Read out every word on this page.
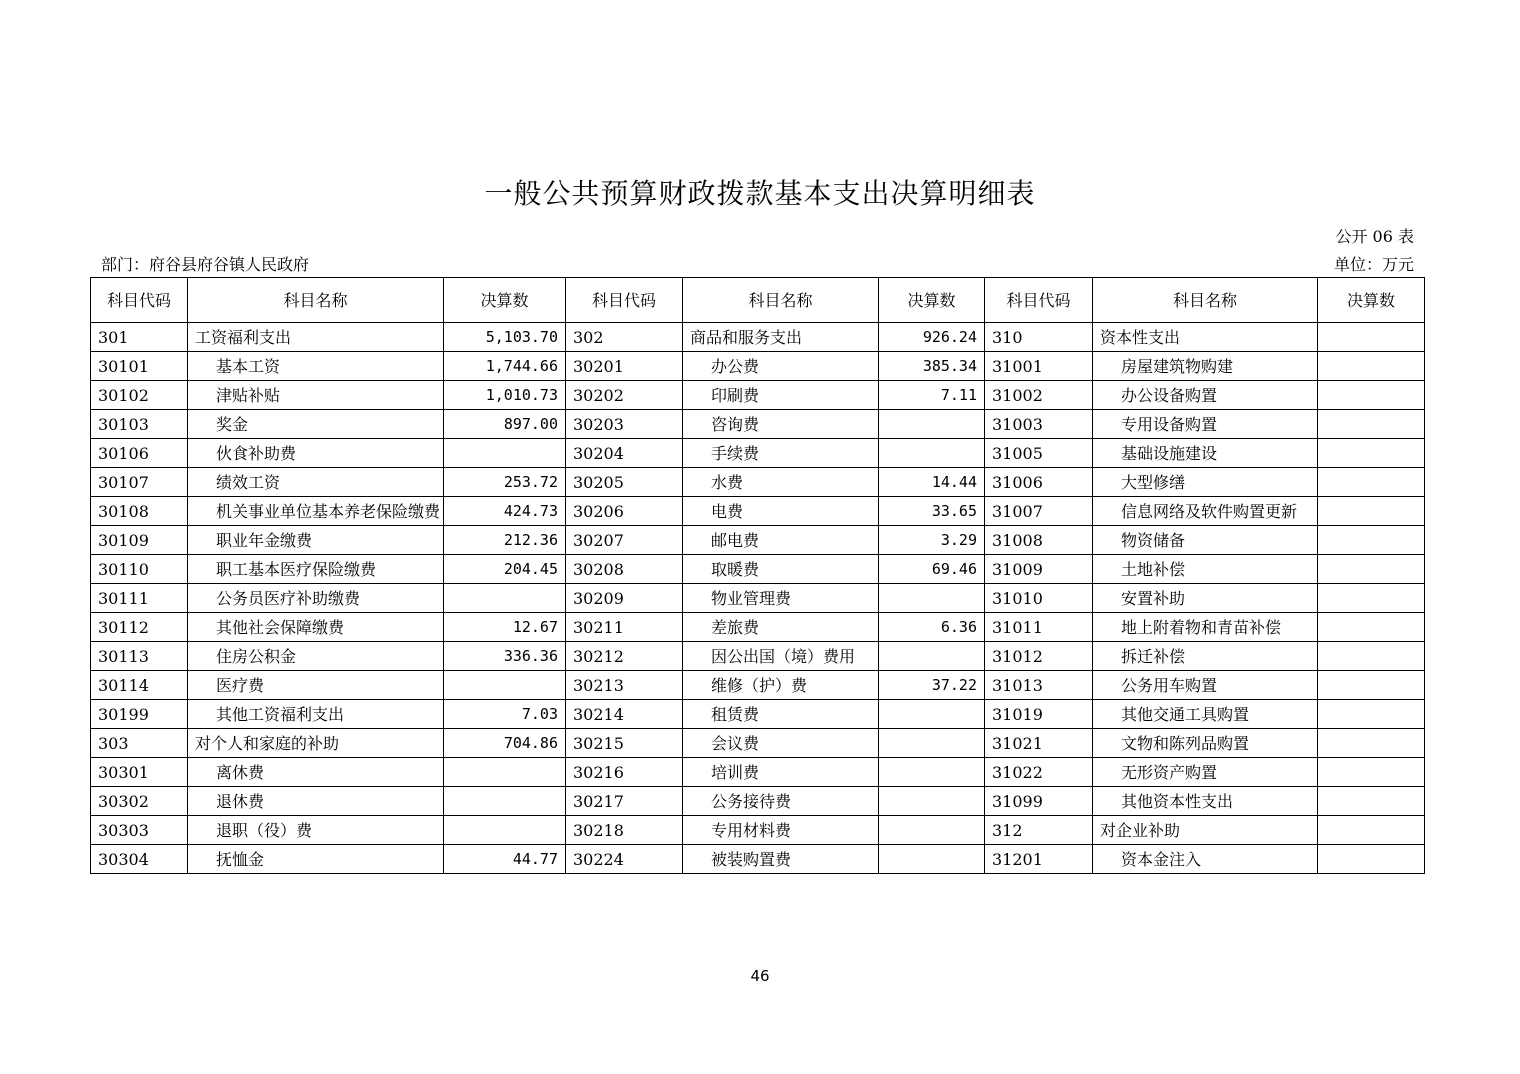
一般公共预算财政拨款基本支出决算明细表
公开 06 表
部门：府谷县府谷镇人民政府	单位：万元
科目代码	科目名称	决算数	科目代码	科目名称	决算数	科目代码	科目名称	决算数
301	工资福利支出	5,103.70	302	商品和服务支出	926.24	310	资本性支出	
30101	基本工资	1,744.66	30201	办公费	385.34	31001	房屋建筑物购建	
30102	津贴补贴	1,010.73	30202	印刷费	7.11	31002	办公设备购置	
30103	奖金	897.00	30203	咨询费		31003	专用设备购置	
30106	伙食补助费		30204	手续费		31005	基础设施建设	
30107	绩效工资	253.72	30205	水费	14.44	31006	大型修缮	
30108	机关事业单位基本养老保险缴费	424.73	30206	电费	33.65	31007	信息网络及软件购置更新	
30109	职业年金缴费	212.36	30207	邮电费	3.29	31008	物资储备	
30110	职工基本医疗保险缴费	204.45	30208	取暖费	69.46	31009	土地补偿	
30111	公务员医疗补助缴费		30209	物业管理费		31010	安置补助	
30112	其他社会保障缴费	12.67	30211	差旅费	6.36	31011	地上附着物和青苗补偿	
30113	住房公积金	336.36	30212	因公出国（境）费用		31012	拆迁补偿	
30114	医疗费		30213	维修（护）费	37.22	31013	公务用车购置	
30199	其他工资福利支出	7.03	30214	租赁费		31019	其他交通工具购置	
303	对个人和家庭的补助	704.86	30215	会议费		31021	文物和陈列品购置	
30301	离休费		30216	培训费		31022	无形资产购置	
30302	退休费		30217	公务接待费		31099	其他资本性支出	
30303	退职（役）费		30218	专用材料费		312	对企业补助	
30304	抚恤金	44.77	30224	被装购置费		31201	资本金注入	
46
